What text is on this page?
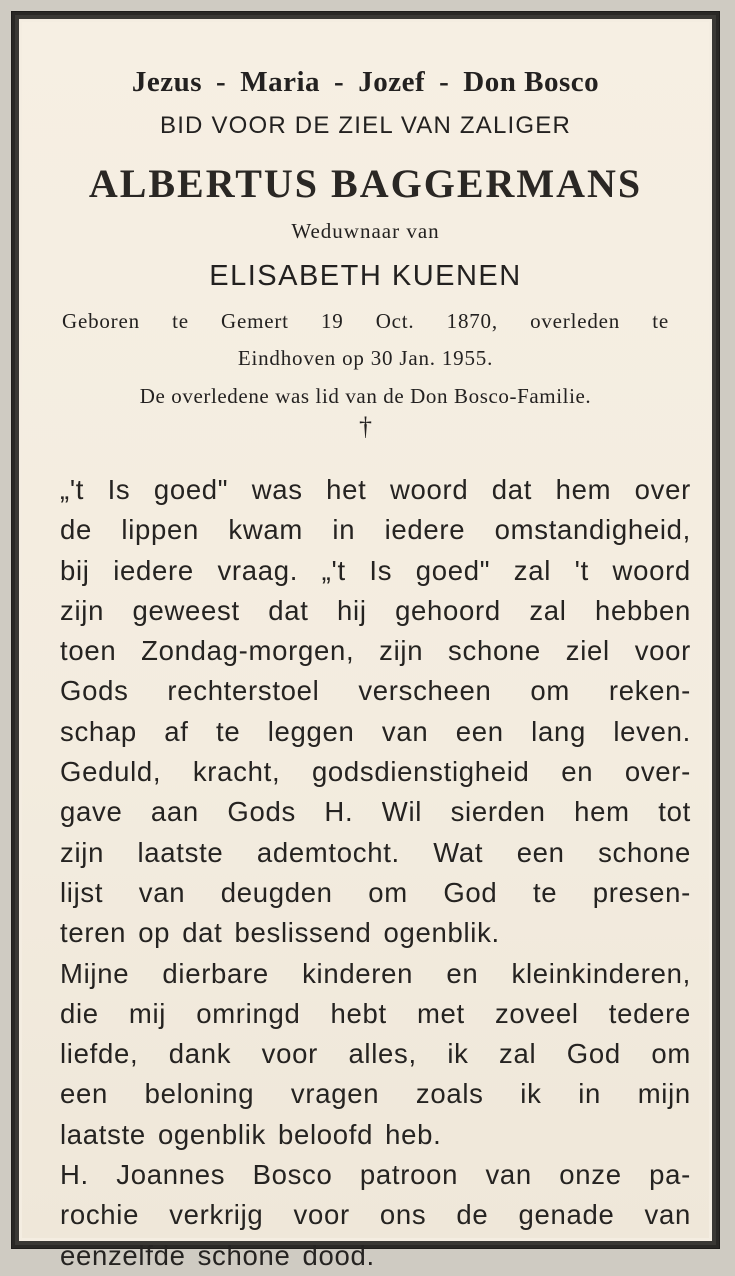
Jezus - Maria - Jozef - Don Bosco
BID VOOR DE ZIEL VAN ZALIGER
ALBERTUS BAGGERMANS
Weduwnaar van
ELISABETH KUENEN
Geboren te Gemert 19 Oct. 1870, overleden te
Eindhoven op 30 Jan. 1955.
De overledene was lid van de Don Bosco-Familie.
†
„'t Is goed" was het woord dat hem over
de lippen kwam in iedere omstandigheid,
bij iedere vraag. „'t Is goed" zal 't woord
zijn geweest dat hij gehoord zal hebben
toen Zondag-morgen, zijn schone ziel voor
Gods rechterstoel verscheen om reken-
schap af te leggen van een lang leven.
Geduld, kracht, godsdienstigheid en over-
gave aan Gods H. Wil sierden hem tot
zijn laatste ademtocht. Wat een schone
lijst van deugden om God te presen-
teren op dat beslissend ogenblik.
Mijne dierbare kinderen en kleinkinderen,
die mij omringd hebt met zoveel tedere
liefde, dank voor alles, ik zal God om
een beloning vragen zoals ik in mijn
laatste ogenblik beloofd heb.
H. Joannes Bosco patroon van onze pa-
rochie verkrijg voor ons de genade van
eenzelfde schone dood.
